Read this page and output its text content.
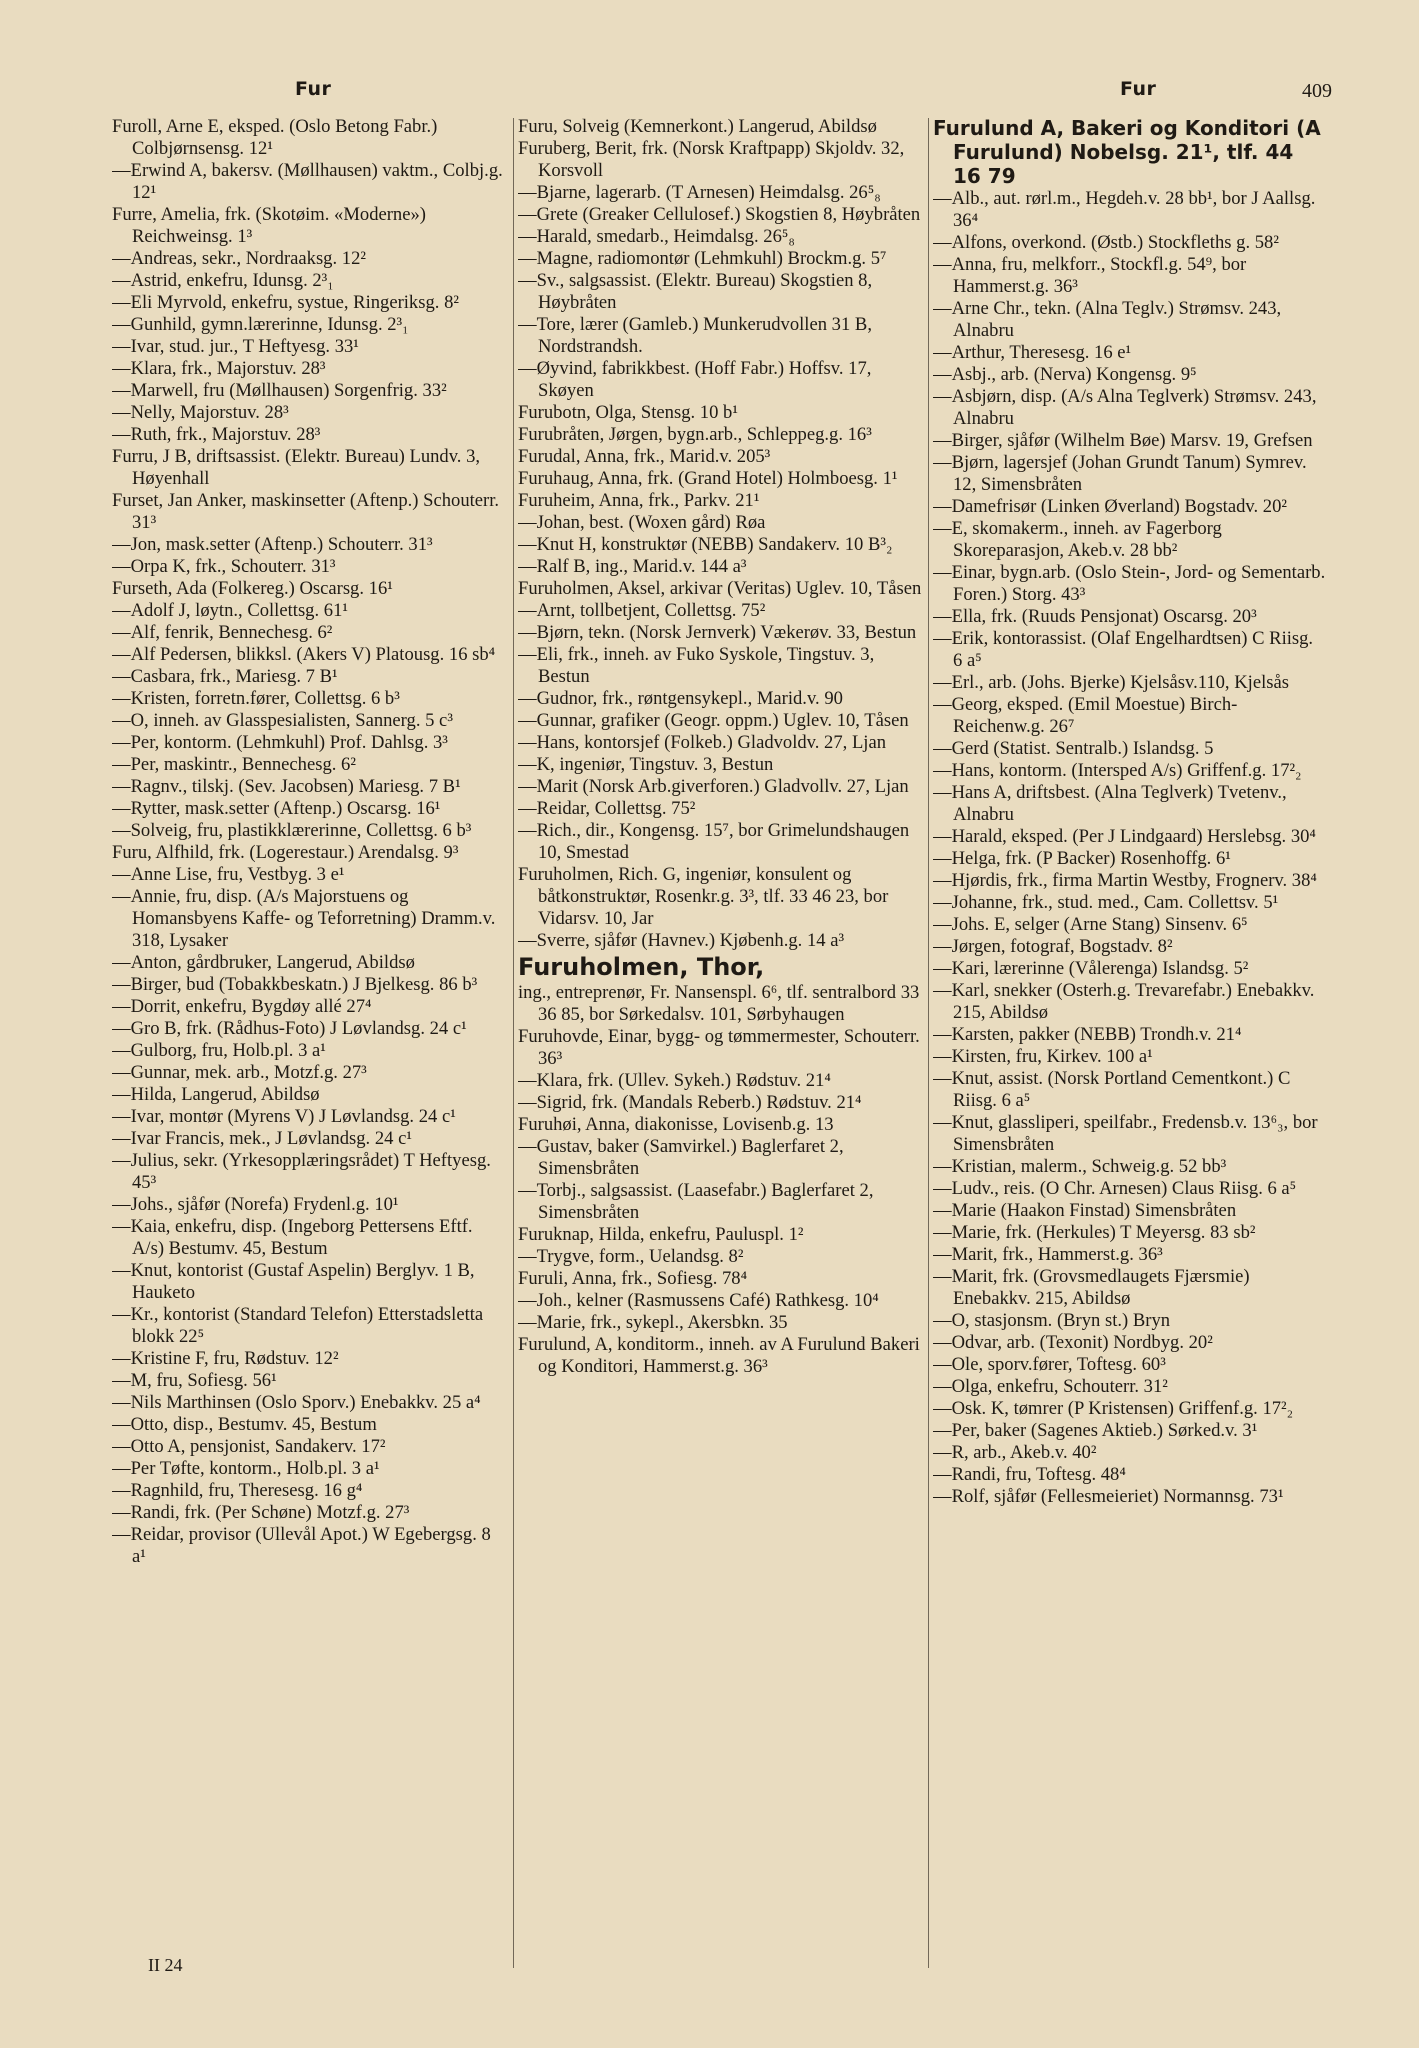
Fur	Fur	409

Furoll, Arne E, eksped. (Oslo Betong Fabr.) Colbjørnsensg. 12¹

—Erwind A, bakersv. (Møllhausen) vaktm., Colbj.g. 12¹

Furre, Amelia, frk. (Skotøim. «Moderne») Reichweinsg. 1³

—Andreas, sekr., Nordraaksg. 12²

—Astrid, enkefru, Idunsg. 2³₁

—Eli Myrvold, enkefru, systue, Ringeriksg. 8²

—Gunhild, gymn.lærerinne, Idunsg. 2³₁

—Ivar, stud. jur., T Heftyesg. 33¹

—Klara, frk., Majorstuv. 28³

—Marwell, fru (Møllhausen) Sorgenfrig. 33²

—Nelly, Majorstuv. 28³

—Ruth, frk., Majorstuv. 28³

Furru, J B, driftsassist. (Elektr. Bureau) Lundv. 3, Høyenhall

Furset, Jan Anker, maskinsetter (Aftenp.) Schouterr. 31³

—Jon, mask.setter (Aftenp.) Schouterr. 31³

—Orpa K, frk., Schouterr. 31³

Furseth, Ada (Folkereg.) Oscarsg. 16¹

—Adolf J, løytn., Collettsg. 61¹

—Alf, fenrik, Bennechesg. 6²

—Alf Pedersen, blikksl. (Akers V) Platousg. 16 sb⁴

—Casbara, frk., Mariesg. 7 B¹

—Kristen, forretn.fører, Collettsg. 6 b³

—O, inneh. av Glasspesialisten, Sannerg. 5 c³

—Per, kontorm. (Lehmkuhl) Prof. Dahlsg. 3³

—Per, maskintr., Bennechesg. 6²

—Ragnv., tilskj. (Sev. Jacobsen) Mariesg. 7 B¹

—Rytter, mask.setter (Aftenp.) Oscarsg. 16¹

—Solveig, fru, plastikklærerinne, Collettsg. 6 b³

Furu, Alfhild, frk. (Logerestaur.) Arendalsg. 9³

—Anne Lise, fru, Vestbyg. 3 e¹

—Annie, fru, disp. (A/s Majorstuens og Homansbyens Kaffe- og Teforretning) Dramm.v. 318, Lysaker

—Anton, gårdbruker, Langerud, Abildsø

—Birger, bud (Tobakkbeskatn.) J Bjelkesg. 86 b³

—Dorrit, enkefru, Bygdøy allé 27⁴

—Gro B, frk. (Rådhus-Foto) J Løvlandsg. 24 c¹

—Gulborg, fru, Holb.pl. 3 a¹

—Gunnar, mek. arb., Motzf.g. 27³

—Hilda, Langerud, Abildsø

—Ivar, montør (Myrens V) J Løvlandsg. 24 c¹

—Ivar Francis, mek., J Løvlandsg. 24 c¹

—Julius, sekr. (Yrkesopplæringsrådet) T Heftyesg. 45³

—Johs., sjåfør (Norefa) Frydenl.g. 10¹

—Kaia, enkefru, disp. (Ingeborg Pettersens Eftf. A/s) Bestumv. 45, Bestum

—Knut, kontorist (Gustaf Aspelin) Berglyv. 1 B, Hauketo

—Kr., kontorist (Standard Telefon) Etterstadsletta blokk 22⁵

—Kristine F, fru, Rødstuv. 12²

—M, fru, Sofiesg. 56¹

—Nils Marthinsen (Oslo Sporv.) Enebakkv. 25 a⁴

—Otto, disp., Bestumv. 45, Bestum

—Otto A, pensjonist, Sandakerv. 17²

—Per Tøfte, kontorm., Holb.pl. 3 a¹

—Ragnhild, fru, Theresesg. 16 g⁴

—Randi, frk. (Per Schøne) Motzf.g. 27³

—Reidar, provisor (Ullevål Apot.) W Egebergsg. 8 a¹

Furu, Solveig (Kemnerkont.) Langerud, Abildsø

Furuberg, Berit, frk. (Norsk Kraftpapp) Skjoldv. 32, Korsvoll

—Bjarne, lagerarb. (T Arnesen) Heimdalsg. 26⁵₈

—Grete (Greaker Cellulosef.) Skogstien 8, Høybråten

—Harald, smedarb., Heimdalsg. 26⁵₈

—Magne, radiomontør (Lehmkuhl) Brockm.g. 5⁷

—Sv., salgsassist. (Elektr. Bureau) Skogstien 8, Høybråten

—Tore, lærer (Gamleb.) Munkerudvollen 31 B, Nordstrandsh.

—Øyvind, fabrikkbest. (Hoff Fabr.) Hoffsv. 17, Skøyen

Furubotn, Olga, Stensg. 10 b¹

Furubråten, Jørgen, bygn.arb., Schleppeg.g. 16³

Furudal, Anna, frk., Marid.v. 205³

Furuhaug, Anna, frk. (Grand Hotel) Holmboesg. 1¹

Furuheim, Anna, frk., Parkv. 21¹

—Johan, best. (Woxen gård) Røa

—Knut H, konstruktør (NEBB) Sandakerv. 10 B³₂

—Ralf B, ing., Marid.v. 144 a³

Furuholmen, Aksel, arkivar (Veritas) Uglev. 10, Tåsen

—Arnt, tollbetjent, Collettsg. 75²

—Bjørn, tekn. (Norsk Jernverk) Vækerøv. 33, Bestun

—Eli, frk., inneh. av Fuko Syskole, Tingstuv. 3, Bestun

—Gudnor, frk., røntgensykepl., Marid.v. 90

—Gunnar, grafiker (Geogr. oppm.) Uglev. 10, Tåsen

—Hans, kontorsjef (Folkeb.) Gladvoldv. 27, Ljan

—K, ingeniør, Tingstuv. 3, Bestun

—Marit (Norsk Arb.giverforen.) Gladvollv. 27, Ljan

—Reidar, Collettsg. 75²

—Rich., dir., Kongensg. 15⁷, bor Grimelundshaugen 10, Smestad

Furuholmen, Rich. G, ingeniør, konsulent og båtkonstruktør, Rosenkr.g. 3³, tlf. 33 46 23, bor Vidarsv. 10, Jar

—Sverre, sjåfør (Havnev.) Kjøbenh.g. 14 a³

Furuholmen, Thor,

ing., entreprenør, Fr. Nansenspl. 6⁶, tlf. sentralbord 33 36 85, bor Sørkedalsv. 101, Sørbyhaugen

Furuhovde, Einar, bygg- og tømmermester, Schouterr. 36³

—Klara, frk. (Ullev. Sykeh.) Rødstuv. 21⁴

—Sigrid, frk. (Mandals Reberb.) Rødstuv. 21⁴

Furuhøi, Anna, diakonisse, Lovisenb.g. 13

—Gustav, baker (Samvirkel.) Baglerfaret 2, Simensbråten

—Torbj., salgsassist. (Laasefabr.) Baglerfaret 2, Simensbråten

Furuknap, Hilda, enkefru, Pauluspl. 1²

—Trygve, form., Uelandsg. 8²

Furuli, Anna, frk., Sofiesg. 78⁴

—Joh., kelner (Rasmussens Café) Rathkesg. 10⁴

—Marie, frk., sykepl., Akersbkn. 35

Furulund, A, konditorm., inneh. av A Furulund Bakeri og Konditori, Hammerst.g. 36³

Furulund A, Bakeri og Konditori (A Furulund) Nobelsg. 21¹, tlf. 44 16 79

—Alb., aut. rørl.m., Hegdeh.v. 28 bb¹, bor J Aallsg. 36⁴

—Alfons, overkond. (Østb.) Stockfleths g. 58²

—Anna, fru, melkforr., Stockfl.g. 54⁹, bor Hammerst.g. 36³

—Arne Chr., tekn. (Alna Teglv.) Strømsv. 243, Alnabru

—Arthur, Theresesg. 16 e¹

—Asbj., arb. (Nerva) Kongensg. 9⁵

—Asbjørn, disp. (A/s Alna Teglverk) Strømsv. 243, Alnabru

—Birger, sjåfør (Wilhelm Bøe) Marsv. 19, Grefsen

—Bjørn, lagersjef (Johan Grundt Tanum) Symrev. 12, Simensbråten

—Damefrisør (Linken Øverland) Bogstadv. 20²

—E, skomakerm., inneh. av Fagerborg Skoreparasjon, Akeb.v. 28 bb²

—Einar, bygn.arb. (Oslo Stein-, Jord- og Sementarb. Foren.) Storg. 43³

—Ella, frk. (Ruuds Pensjonat) Oscarsg. 20³

—Erik, kontorassist. (Olaf Engelhardtsen) C Riisg. 6 a⁵

—Erl., arb. (Johs. Bjerke) Kjelsåsv.110, Kjelsås

—Georg, eksped. (Emil Moestue) Birch-Reichenw.g. 26⁷

—Gerd (Statist. Sentralb.) Islandsg. 5

—Hans, kontorm. (Intersped A/s) Griffenf.g. 17²₂

—Hans A, driftsbest. (Alna Teglverk) Tvetenv., Alnabru

—Harald, eksped. (Per J Lindgaard) Herslebsg. 30⁴

—Helga, frk. (P Backer) Rosenhoffg. 6¹

—Hjørdis, frk., firma Martin Westby, Frognerv. 38⁴

—Johanne, frk., stud. med., Cam. Collettsv. 5¹

—Johs. E, selger (Arne Stang) Sinsenv. 6⁵

—Jørgen, fotograf, Bogstadv. 8²

—Kari, lærerinne (Vålerenga) Islandsg. 5²

—Karl, snekker (Osterh.g. Trevarefabr.) Enebakkv. 215, Abildsø

—Karsten, pakker (NEBB) Trondh.v. 21⁴

—Kirsten, fru, Kirkev. 100 a¹

—Knut, assist. (Norsk Portland Cementkont.) C Riisg. 6 a⁵

—Knut, glassliperi, speilfabr., Fredensb.v. 13⁶₃, bor Simensbråten

—Kristian, malerm., Schweig.g. 52 bb³

—Ludv., reis. (O Chr. Arnesen) Claus Riisg. 6 a⁵

—Marie (Haakon Finstad) Simensbråten

—Marie, frk. (Herkules) T Meyersg. 83 sb²

—Marit, frk., Hammerst.g. 36³

—Marit, frk. (Grovsmedlaugets Fjærsmie) Enebakkv. 215, Abildsø

—O, stasjonsm. (Bryn st.) Bryn

—Odvar, arb. (Texonit) Nordbyg. 20²

—Ole, sporv.fører, Toftesg. 60³

—Olga, enkefru, Schouterr. 31²

—Osk. K, tømrer (P Kristensen) Griffenf.g. 17²₂

—Per, baker (Sagenes Aktieb.) Sørked.v. 3¹

—R, arb., Akeb.v. 40²

—Randi, fru, Toftesg. 48⁴

—Rolf, sjåfør (Fellesmeieriet) Normannsg. 73¹

II 24
